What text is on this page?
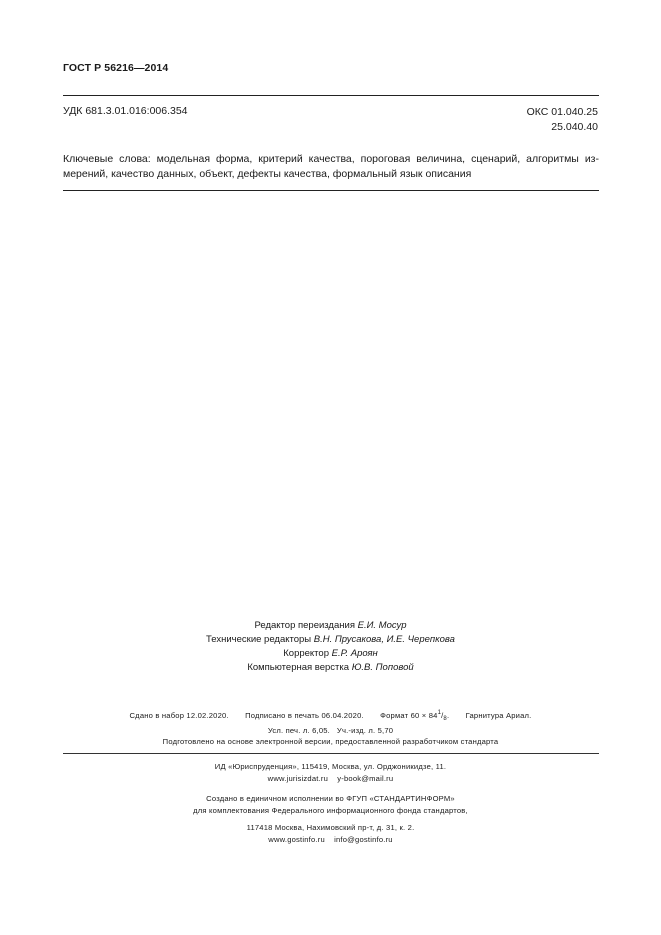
ГОСТ Р 56216—2014
УДК 681.3.01.016:006.354	ОКС 01.040.25
25.040.40
Ключевые слова: модельная форма, критерий качества, пороговая величина, сценарий, алгоритмы из-
мерений, качество данных, объект, дефекты качества, формальный язык описания
Редактор переиздания Е.И. Мосур
Технические редакторы В.Н. Прусакова, И.Е. Черепкова
Корректор Е.Р. Ароян
Компьютерная верстка Ю.В. Поповой
Сдано в набор 12.02.2020. Подписано в печать 06.04.2020. Формат $60 \times 84^1/_8$. Гарнитура Ариал.
Усл. печ. л. 6,05. Уч.-изд. л. 5,70
Подготовлено на основе электронной версии, предоставленной разработчиком стандарта
ИД «Юриспруденция», 115419, Москва, ул. Орджоникидзе, 11.
www.jurisizdat.ru    y-book@mail.ru
Создано в единичном исполнении во ФГУП «СТАНДАРТИНФОРМ»
для комплектования Федерального информационного фонда стандартов,
117418 Москва, Нахимовский пр-т, д. 31, к. 2.
www.gostinfo.ru    info@gostinfo.ru
